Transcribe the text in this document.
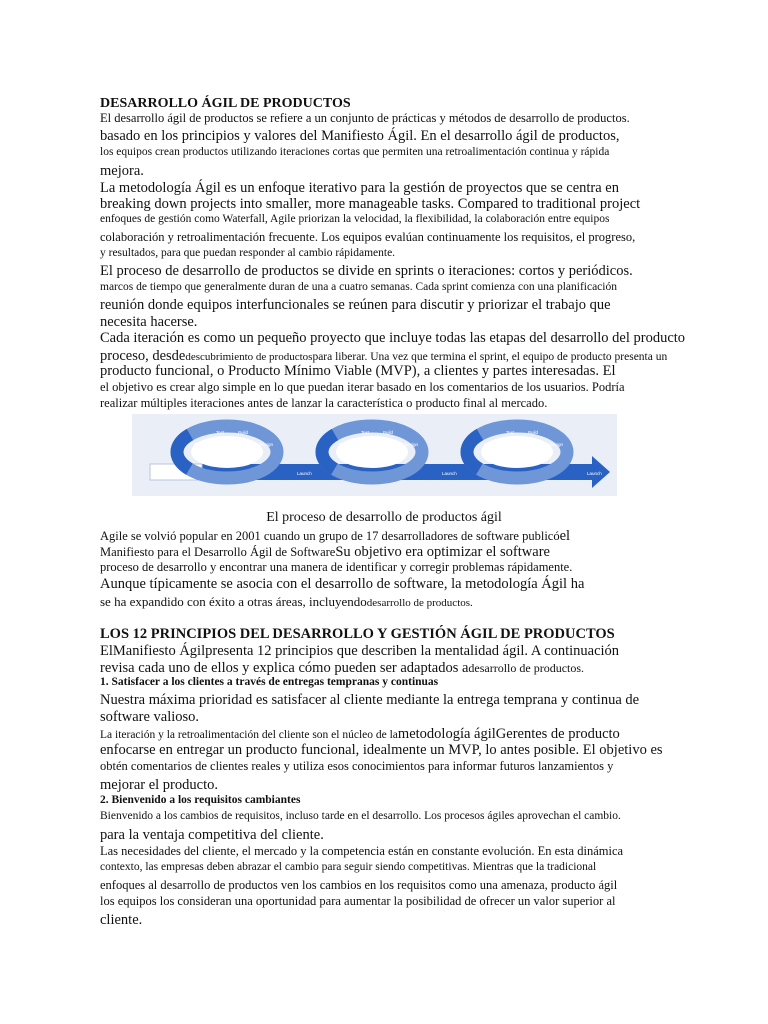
DESARROLLO ÁGIL DE PRODUCTOS
El desarrollo ágil de productos se refiere a un conjunto de prácticas y métodos de desarrollo de productos.
basado en los principios y valores del Manifiesto Ágil. En el desarrollo ágil de productos,
los equipos crean productos utilizando iteraciones cortas que permiten una retroalimentación continua y rápida
mejora.
La metodología Ágil es un enfoque iterativo para la gestión de proyectos que se centra en
breaking down projects into smaller, more manageable tasks. Compared to traditional project
enfoques de gestión como Waterfall, Agile priorizan la velocidad, la flexibilidad, la colaboración entre equipos
colaboración y retroalimentación frecuente. Los equipos evalúan continuamente los requisitos, el progreso,
y resultados, para que puedan responder al cambio rápidamente.
El proceso de desarrollo de productos se divide en sprints o iteraciones: cortos y periódicos.
marcos de tiempo que generalmente duran de una a cuatro semanas. Cada sprint comienza con una planificación
reunión donde equipos interfuncionales se reúnen para discutir y priorizar el trabajo que
necesita hacerse.
Cada iteración es como un pequeño proyecto que incluye todas las etapas del desarrollo del producto
proceso, desdedescubrimiento de productospara liberar. Una vez que termina el sprint, el equipo de producto presenta un
producto funcional, o Producto Mínimo Viable (MVP), a clientes y partes interesadas. El
el objetivo es crear algo simple en lo que puedan iterar basado en los comentarios de los usuarios. Podría
realizar múltiples iteraciones antes de lanzar la característica o producto final al mercado.
Test	Build
Design
Review
Launch
Test	Build
Design
Review
Launch
Test	Build
Design
Review
Launch
El proceso de desarrollo de productos ágil
Agile se volvió popular en 2001 cuando un grupo de 17 desarrolladores de software publicóel
Manifiesto para el Desarrollo Ágil de SoftwareSu objetivo era optimizar el software
proceso de desarrollo y encontrar una manera de identificar y corregir problemas rápidamente.
Aunque típicamente se asocia con el desarrollo de software, la metodología Ágil ha
se ha expandido con éxito a otras áreas, incluyendodesarrollo de productos.
LOS 12 PRINCIPIOS DEL DESARROLLO Y GESTIÓN ÁGIL DE PRODUCTOS
ElManifiesto Ágilpresenta 12 principios que describen la mentalidad ágil. A continuación
revisa cada uno de ellos y explica cómo pueden ser adaptados adesarrollo de productos.
1. Satisfacer a los clientes a través de entregas tempranas y continuas
Nuestra máxima prioridad es satisfacer al cliente mediante la entrega temprana y continua de
software valioso.
La iteración y la retroalimentación del cliente son el núcleo de lametodología ágilGerentes de producto
enfocarse en entregar un producto funcional, idealmente un MVP, lo antes posible. El objetivo es
obtén comentarios de clientes reales y utiliza esos conocimientos para informar futuros lanzamientos y
mejorar el producto.
2. Bienvenido a los requisitos cambiantes
Bienvenido a los cambios de requisitos, incluso tarde en el desarrollo. Los procesos ágiles aprovechan el cambio.
para la ventaja competitiva del cliente.
Las necesidades del cliente, el mercado y la competencia están en constante evolución. En esta dinámica
contexto, las empresas deben abrazar el cambio para seguir siendo competitivas. Mientras que la tradicional
enfoques al desarrollo de productos ven los cambios en los requisitos como una amenaza, producto ágil
los equipos los consideran una oportunidad para aumentar la posibilidad de ofrecer un valor superior al
cliente.
